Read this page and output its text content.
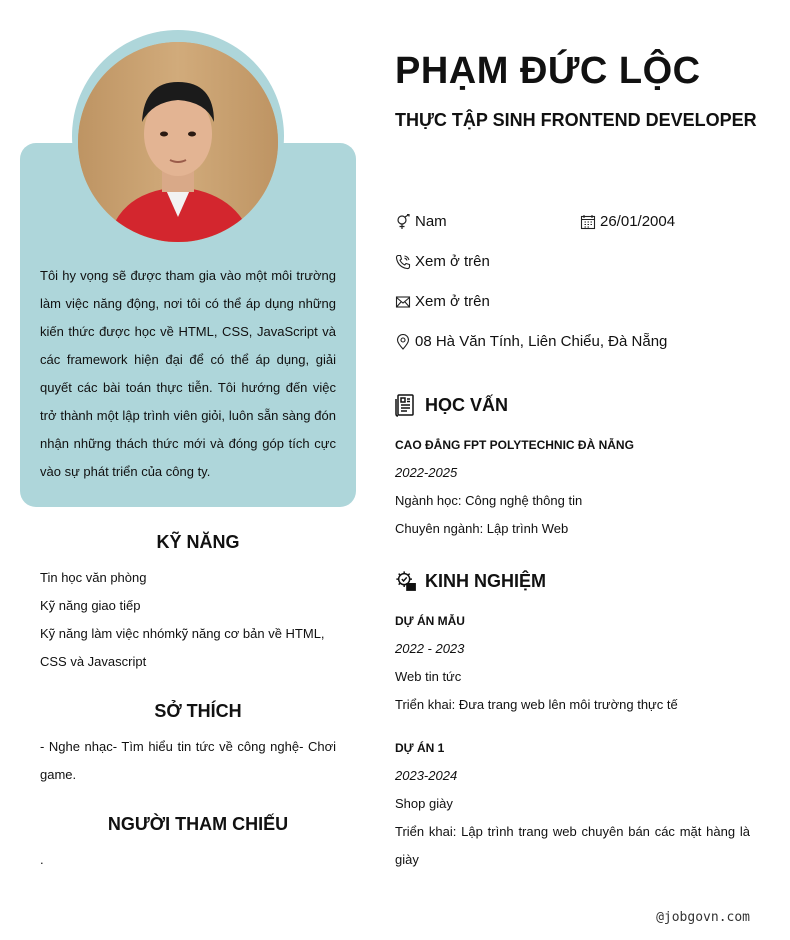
Tôi hy vọng sẽ được tham gia vào một môi trường làm việc năng động, nơi tôi có thể áp dụng những kiến thức được học về HTML, CSS, JavaScript và các framework hiện đại để có thể áp dụng, giải quyết các bài toán thực tiễn. Tôi hướng đến việc trở thành một lập trình viên giỏi, luôn sẵn sàng đón nhận những thách thức mới và đóng góp tích cực vào sự phát triển của công ty.
KỸ NĂNG
Tin học văn phòng
Kỹ năng giao tiếp
Kỹ năng làm việc nhómkỹ năng cơ bản về HTML, CSS và Javascript
SỞ THÍCH
- Nghe nhạc- Tìm hiểu tin tức về công nghệ- Chơi game.
NGƯỜI THAM CHIẾU
.
PHẠM ĐỨC LỘC
THỰC TẬP SINH FRONTEND DEVELOPER
Nam	26/01/2004
Xem ở trên
Xem ở trên
08 Hà Văn Tính, Liên Chiểu, Đà Nẵng
HỌC VẤN
CAO ĐẲNG FPT POLYTECHNIC ĐÀ NẴNG
2022-2025
Ngành học: Công nghệ thông tin
Chuyên ngành: Lập trình Web
KINH NGHIỆM
DỰ ÁN MẪU
2022 - 2023
Web tin tức
Triển khai: Đưa trang web lên môi trường thực tế
DỰ ÁN 1
2023-2024
Shop giày
Triển khai: Lập trình trang web chuyên bán các mặt hàng là giày
@jobgovn.com
